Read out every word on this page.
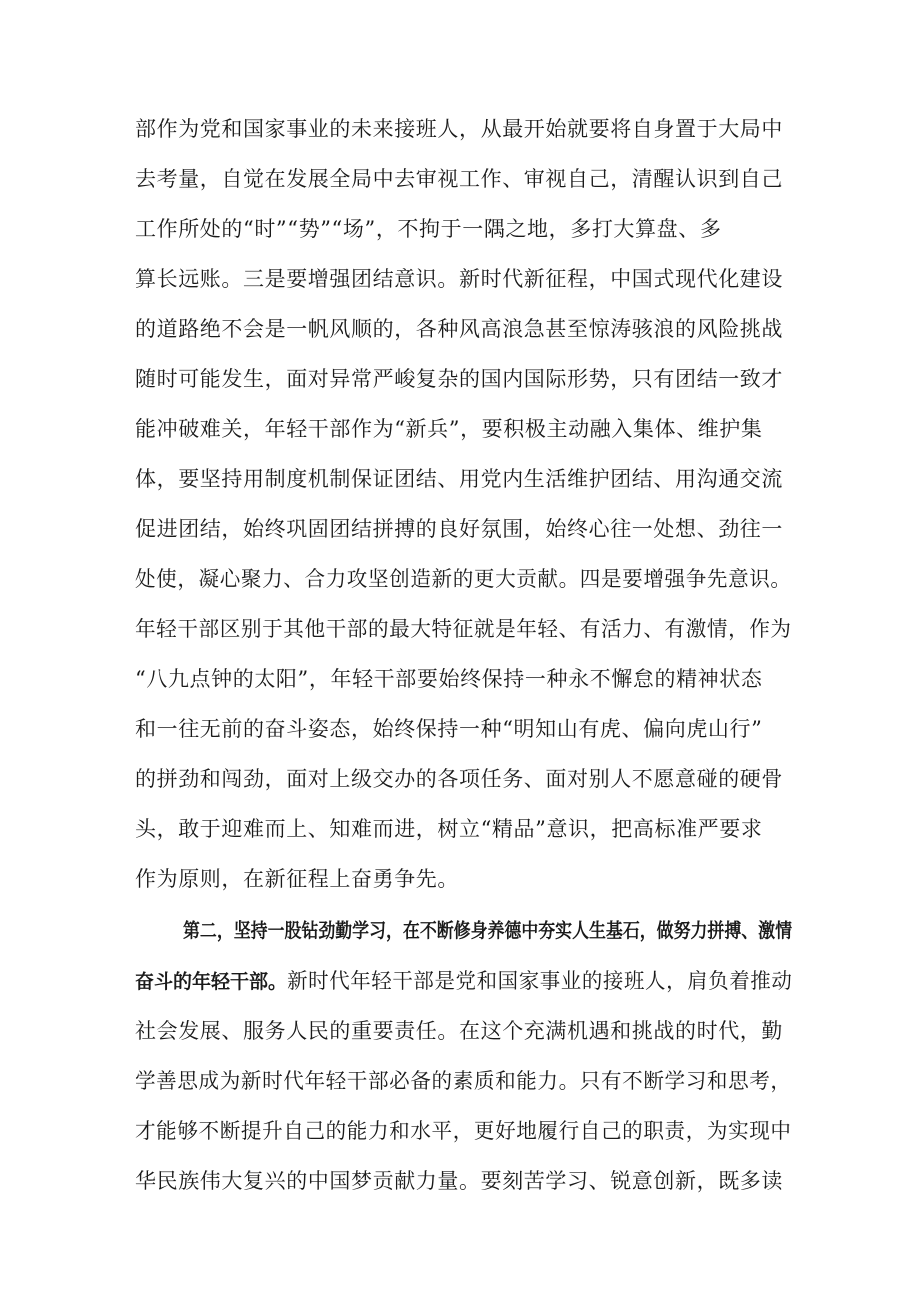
部作为党和国家事业的未来接班人，从最开始就要将自身置于大局中

去考量，自觉在发展全局中去审视工作、审视自己，清醒认识到自己

工作所处的“时”“势”“场”，不拘于一隅之地，多打大算盘、多

算长远账。三是要增强团结意识。新时代新征程，中国式现代化建设

的道路绝不会是一帆风顺的，各种风高浪急甚至惊涛骇浪的风险挑战

随时可能发生，面对异常严峻复杂的国内国际形势，只有团结一致才

能冲破难关，年轻干部作为“新兵”，要积极主动融入集体、维护集

体，要坚持用制度机制保证团结、用党内生活维护团结、用沟通交流

促进团结，始终巩固团结拼搏的良好氛围，始终心往一处想、劲往一

处使，凝心聚力、合力攻坚创造新的更大贡献。四是要增强争先意识。

年轻干部区别于其他干部的最大特征就是年轻、有活力、有激情，作为

“八九点钟的太阳”，年轻干部要始终保持一种永不懈怠的精神状态

和一往无前的奋斗姿态，始终保持一种“明知山有虎、偏向虎山行”

的拼劲和闯劲，面对上级交办的各项任务、面对别人不愿意碰的硬骨

头，敢于迎难而上、知难而进，树立“精品”意识，把高标准严要求

作为原则，在新征程上奋勇争先。

第二，坚持一股钻劲勤学习，在不断修身养德中夯实人生基石，做努力拼搏、激情

奋斗的年轻干部。新时代年轻干部是党和国家事业的接班人，肩负着推动

社会发展、服务人民的重要责任。在这个充满机遇和挑战的时代，勤

学善思成为新时代年轻干部必备的素质和能力。只有不断学习和思考，

才能够不断提升自己的能力和水平，更好地履行自己的职责，为实现中

华民族伟大复兴的中国梦贡献力量。要刻苦学习、锐意创新，既多读
